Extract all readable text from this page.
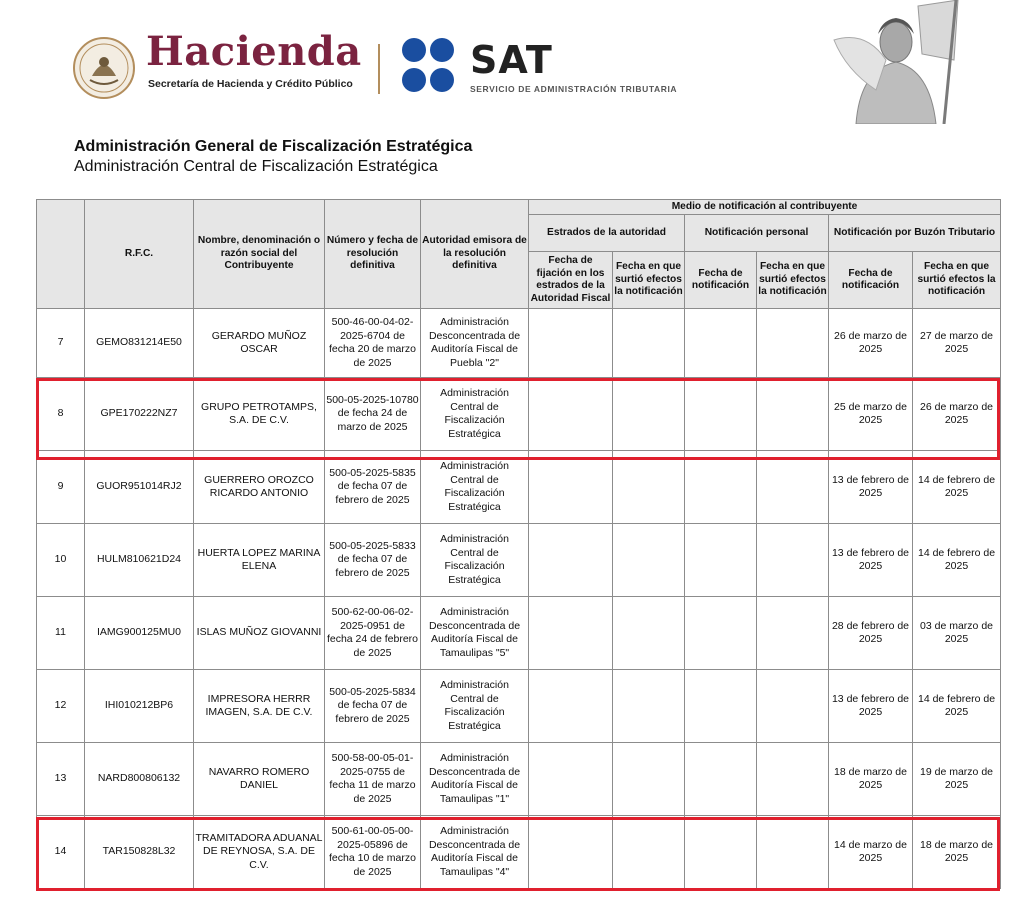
Hacienda
Secretaría de Hacienda y Crédito Público
SAT
SERVICIO DE ADMINISTRACIÓN TRIBUTARIA
Administración General de Fiscalización Estratégica
Administración Central de Fiscalización Estratégica
	R.F.C.	Nombre, denominación o razón social del Contribuyente	Número y fecha de resolución definitiva	Autoridad emisora de la resolución definitiva	Medio de notificación al contribuyente					
					Estrados de la autoridad		Notificación personal		Notificación por Buzón Tributario	
					Fecha de fijación en los estrados de la Autoridad Fiscal	Fecha en que surtió efectos la notificación	Fecha de notificación	Fecha en que surtió efectos la notificación	Fecha de notificación	Fecha en que surtió efectos la notificación
7	GEMO831214E50	GERARDO MUÑOZ OSCAR	500-46-00-04-02-2025-6704 de fecha 20 de marzo de 2025	Administración Desconcentrada de Auditoría Fiscal de Puebla "2"					26 de marzo de 2025	27 de marzo de 2025
8	GPE170222NZ7	GRUPO PETROTAMPS, S.A. DE C.V.	500-05-2025-10780 de fecha 24 de marzo de 2025	Administración Central de Fiscalización Estratégica					25 de marzo de 2025	26 de marzo de 2025
9	GUOR951014RJ2	GUERRERO OROZCO RICARDO ANTONIO	500-05-2025-5835 de fecha 07 de febrero de 2025	Administración Central de Fiscalización Estratégica					13 de febrero de 2025	14 de febrero de 2025
10	HULM810621D24	HUERTA LOPEZ MARINA ELENA	500-05-2025-5833 de fecha 07 de febrero de 2025	Administración Central de Fiscalización Estratégica					13 de febrero de 2025	14 de febrero de 2025
11	IAMG900125MU0	ISLAS MUÑOZ GIOVANNI	500-62-00-06-02-2025-0951 de fecha 24 de febrero de 2025	Administración Desconcentrada de Auditoría Fiscal de Tamaulipas "5"					28 de febrero de 2025	03 de marzo de 2025
12	IHI010212BP6	IMPRESORA HERRR IMAGEN, S.A. DE C.V.	500-05-2025-5834 de fecha 07 de febrero de 2025	Administración Central de Fiscalización Estratégica					13 de febrero de 2025	14 de febrero de 2025
13	NARD800806132	NAVARRO ROMERO DANIEL	500-58-00-05-01-2025-0755 de fecha 11 de marzo de 2025	Administración Desconcentrada de Auditoría Fiscal de Tamaulipas "1"					18 de marzo de 2025	19 de marzo de 2025
14	TAR150828L32	TRAMITADORA ADUANAL DE REYNOSA, S.A. DE C.V.	500-61-00-05-00-2025-05896 de fecha 10 de marzo de 2025	Administración Desconcentrada de Auditoría Fiscal de Tamaulipas "4"					14 de marzo de 2025	18 de marzo de 2025
